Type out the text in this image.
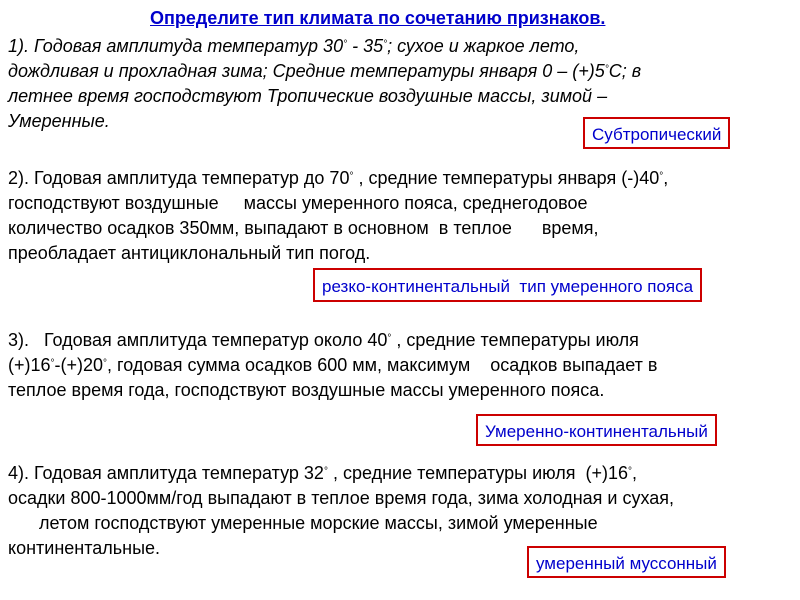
Определите тип климата по сочетанию признаков.
1). Годовая амплитуда температур 30° - 35°; сухое и жаркое лето,
дождливая и прохладная зима; Средние температуры января 0 – (+)5°С; в
летнее время господствуют Тропические воздушные массы, зимой –
Умеренные.
Субтропический
2). Годовая амплитуда температур до 70° , средние температуры января (-)40°,
господствуют воздушные     массы умеренного пояса, среднегодовое
количество осадков 350мм, выпадают в основном  в теплое      время,
преобладает антициклональный тип погод.
резко-континентальный  тип умеренного пояса
3).   Годовая амплитуда температур около 40° , средние температуры июля
(+)16°-(+)20°, годовая сумма осадков 600 мм, максимум    осадков выпадает в
теплое время года, господствуют воздушные массы умеренного пояса.
Умеренно-континентальный
4). Годовая амплитуда температур 32° , средние температуры июля  (+)16°,
осадки 800-1000мм/год выпадают в теплое время года, зима холодная и сухая,
летом господствуют умеренные морские массы, зимой умеренные
континентальные.
умеренный муссонный
